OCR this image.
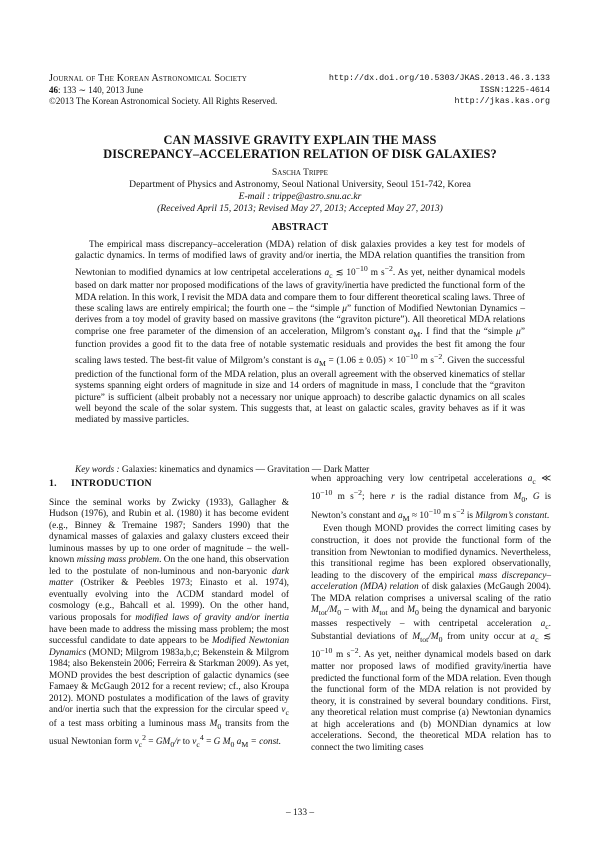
Journal of The Korean Astronomical Society
46: 133 ∼ 140, 2013 June
©2013 The Korean Astronomical Society. All Rights Reserved.
http://dx.doi.org/10.5303/JKAS.2013.46.3.133
ISSN:1225-4614
http://jkas.kas.org
CAN MASSIVE GRAVITY EXPLAIN THE MASS
DISCREPANCY–ACCELERATION RELATION OF DISK GALAXIES?
Sascha Trippe
Department of Physics and Astronomy, Seoul National University, Seoul 151-742, Korea
E-mail : trippe@astro.snu.ac.kr
(Received April 15, 2013; Revised May 27, 2013; Accepted May 27, 2013)
ABSTRACT

The empirical mass discrepancy–acceleration (MDA) relation of disk galaxies provides a key test for models of galactic dynamics. In terms of modified laws of gravity and/or inertia, the MDA relation quantifies the transition from Newtonian to modified dynamics at low centripetal accelerations $a_c$ ≲ $10^{-10}$ m $s^{-2}$. As yet, neither dynamical models based on dark matter nor proposed modifications of the laws of gravity/inertia have predicted the functional form of the MDA relation. In this work, I revisit the MDA data and compare them to four different theoretical scaling laws. Three of these scaling laws are entirely empirical; the fourth one – the “simple μ” function of Modified Newtonian Dynamics – derives from a toy model of gravity based on massive gravitons (the “graviton picture”). All theoretical MDA relations comprise one free parameter of the dimension of an acceleration, Milgrom’s constant $a_M$. I find that the “simple μ” function provides a good fit to the data free of notable systematic residuals and provides the best fit among the four scaling laws tested. The best-fit value of Milgrom’s constant is $a_M = (1.06 \pm 0.05) \times 10^{-10}$ m $s^{-2}$. Given the successful prediction of the functional form of the MDA relation, plus an overall agreement with the observed kinematics of stellar systems spanning eight orders of magnitude in size and 14 orders of magnitude in mass, I conclude that the “graviton picture” is sufficient (albeit probably not a necessary nor unique approach) to describe galactic dynamics on all scales well beyond the scale of the solar system. This suggests that, at least on galactic scales, gravity behaves as if it was mediated by massive particles.

Key words : Galaxies: kinematics and dynamics — Gravitation — Dark Matter
1. INTRODUCTION

Since the seminal works by Zwicky (1933), Gallagher & Hudson (1976), and Rubin et al. (1980) it has become evident (e.g., Binney & Tremaine 1987; Sanders 1990) that the dynamical masses of galaxies and galaxy clusters exceed their luminous masses by up to one order of magnitude – the well-known missing mass problem. On the one hand, this observation led to the postulate of non-luminous and non-baryonic dark matter (Ostriker & Peebles 1973; Einasto et al. 1974), eventually evolving into the ΛCDM standard model of cosmology (e.g., Bahcall et al. 1999). On the other hand, various proposals for modified laws of gravity and/or inertia have been made to address the missing mass problem; the most successful candidate to date appears to be Modified Newtonian Dynamics (MOND; Milgrom 1983a,b,c; Bekenstein & Milgrom 1984; also Bekenstein 2006; Ferreira & Starkman 2009). As yet, MOND provides the best description of galactic dynamics (see Famaey & McGaugh 2012 for a recent review; cf., also Kroupa 2012). MOND postulates a modification of the laws of gravity and/or inertia such that the expression for the circular speed $v_c$ of a test mass orbiting a luminous mass $M_0$ transits from the usual Newtonian form $v_c^2 = GM_0/r$ to $v_c^4 = G$ $M_0$ $a_M$ = const.

when approaching very low centripetal accelerations $a_c$ ≪ $10^{-10}$ m $s^{-2}$; here r is the radial distance from $M_0$, G is Newton’s constant and $a_M \approx 10^{-10}$ m $s^{-2}$ is Milgrom’s constant.

Even though MOND provides the correct limiting cases by construction, it does not provide the functional form of the transition from Newtonian to modified dynamics. Nevertheless, this transitional regime has been explored observationally, leading to the discovery of the empirical mass discrepancy–acceleration (MDA) relation of disk galaxies (McGaugh 2004). The MDA relation comprises a universal scaling of the ratio $M_{tot}/M_0$ – with $M_{tot}$ and $M_0$ being the dynamical and baryonic masses respectively – with centripetal acceleration $a_c$. Substantial deviations of $M_{tot}/M_0$ from unity occur at $a_c$ ≲ $10^{-10}$ m $s^{-2}$. As yet, neither dynamical models based on dark matter nor proposed laws of modified gravity/inertia have predicted the functional form of the MDA relation. Even though the functional form of the MDA relation is not provided by theory, it is constrained by several boundary conditions. First, any theoretical relation must comprise (a) Newtonian dynamics at high accelerations and (b) MONDian dynamics at low accelerations. Second, the theoretical MDA relation has to connect the two limiting cases

– 133 –
